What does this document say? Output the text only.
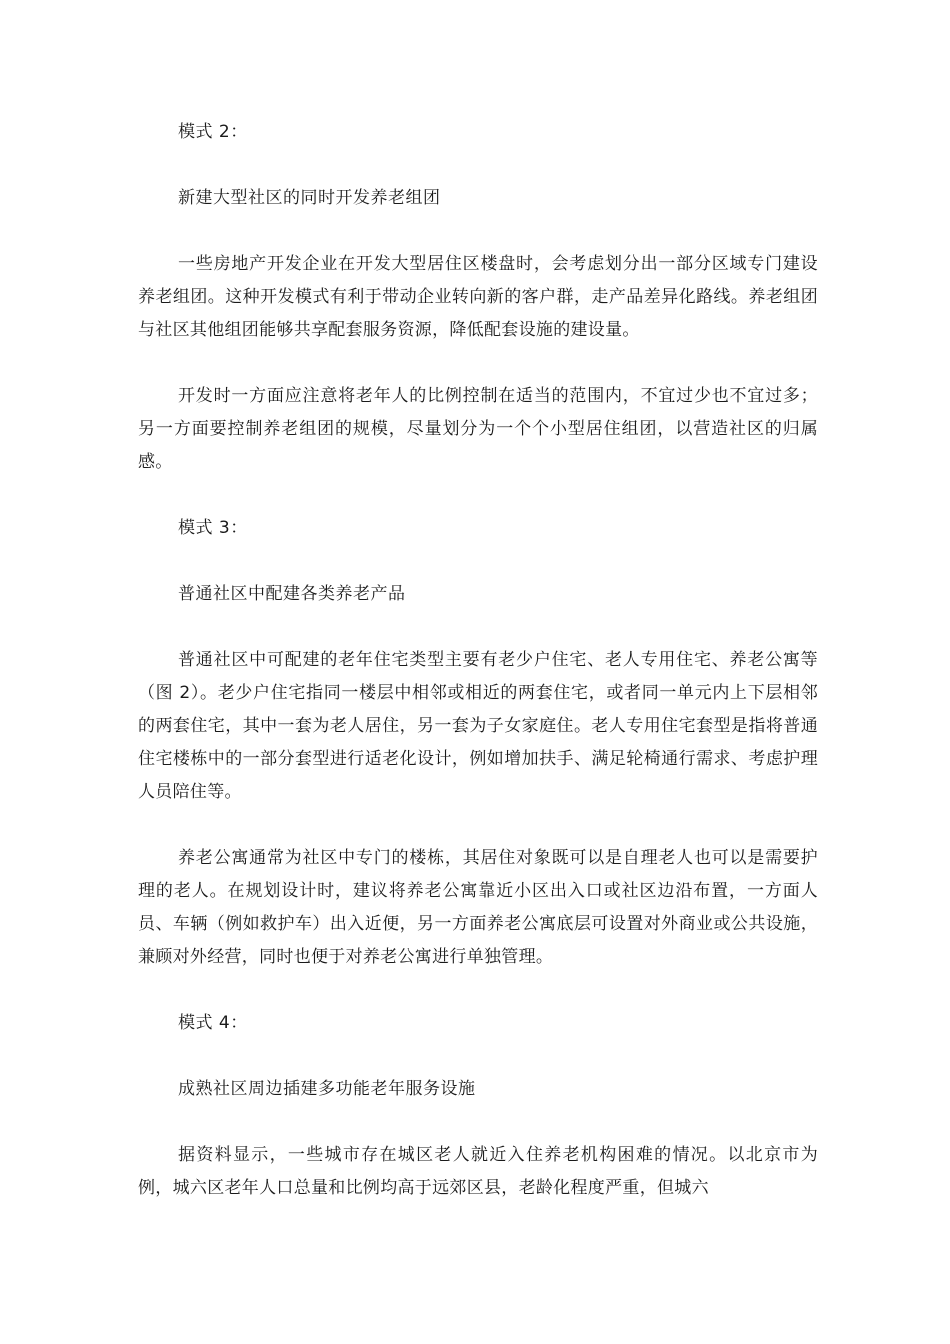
模式 2：

新建大型社区的同时开发养老组团

一些房地产开发企业在开发大型居住区楼盘时，会考虑划分出一部分区域专门建设养老组团。这种开发模式有利于带动企业转向新的客户群，走产品差异化路线。养老组团与社区其他组团能够共享配套服务资源，降低配套设施的建设量。

开发时一方面应注意将老年人的比例控制在适当的范围内，不宜过少也不宜过多；另一方面要控制养老组团的规模，尽量划分为一个个小型居住组团，以营造社区的归属感。

模式 3：

普通社区中配建各类养老产品

普通社区中可配建的老年住宅类型主要有老少户住宅、老人专用住宅、养老公寓等（图 2）。老少户住宅指同一楼层中相邻或相近的两套住宅，或者同一单元内上下层相邻的两套住宅，其中一套为老人居住，另一套为子女家庭住。老人专用住宅套型是指将普通住宅楼栋中的一部分套型进行适老化设计，例如增加扶手、满足轮椅通行需求、考虑护理人员陪住等。

养老公寓通常为社区中专门的楼栋，其居住对象既可以是自理老人也可以是需要护理的老人。在规划设计时，建议将养老公寓靠近小区出入口或社区边沿布置，一方面人员、车辆（例如救护车）出入近便，另一方面养老公寓底层可设置对外商业或公共设施，兼顾对外经营，同时也便于对养老公寓进行单独管理。

模式 4：

成熟社区周边插建多功能老年服务设施

据资料显示，一些城市存在城区老人就近入住养老机构困难的情况。以北京市为例，城六区老年人口总量和比例均高于远郊区县，老龄化程度严重，但城六
